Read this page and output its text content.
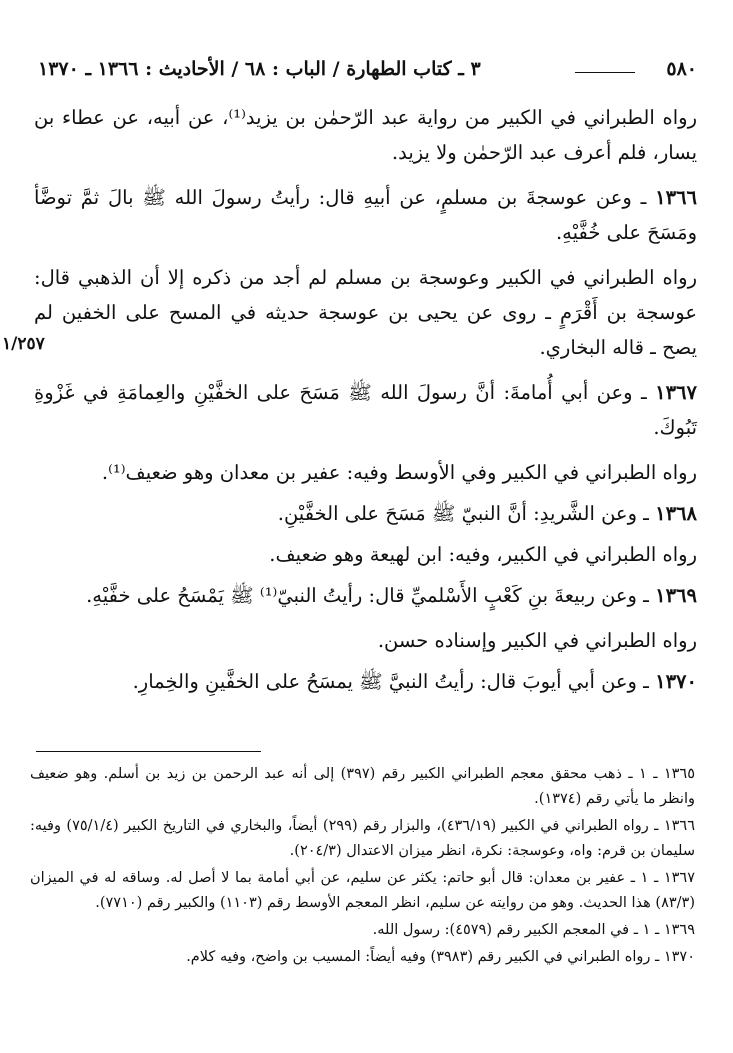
٥٨٠
٣ ـ كتاب الطهارة / الباب : ٦٨ / الأحاديث : ١٣٦٦ ـ ١٣٧٠

رواه الطبراني في الكبير من رواية عبد الرّحمٰن بن يزيد⁽¹⁾، عن أبيه، عن عطاء بن يسار، فلم أعرف عبد الرّحمٰن ولا يزيد.

١٣٦٦ ـ وعن عوسجةَ بن مسلمٍ، عن أبيهِ قال: رأيتُ رسولَ الله ﷺ بالَ ثمَّ توضَّأ ومَسَحَ على خُفَّيْهِ.

رواه الطبراني في الكبير وعوسجة بن مسلم لم أجد من ذكره إلا أن الذهبي قال: عوسجة بن أَقْرَمٍ ـ روى عن يحيى بن عوسجة حديثه في المسح على الخفين لم يصح ـ قاله البخاري.

١٣٦٧ ـ وعن أبي أُمامةَ: أنَّ رسولَ الله ﷺ مَسَحَ على الخفَّيْنِ والعِمامَةِ في غَزْوةِ تَبُوكَ.

رواه الطبراني في الكبير وفي الأوسط وفيه: عفير بن معدان وهو ضعيف⁽¹⁾.

١٣٦٨ ـ وعن الشَّريدِ: أنَّ النبيّ ﷺ مَسَحَ على الخفَّيْنِ.

رواه الطبراني في الكبير، وفيه: ابن لهيعة وهو ضعيف.

١٣٦٩ ـ وعن ربيعةَ بنِ كَعْبٍ الأَسْلميِّ قال: رأيتُ النبيّ⁽¹⁾ ﷺ يَمْسَحُ على خفَّيْهِ.

رواه الطبراني في الكبير وإسناده حسن.

١٣٧٠ ـ وعن أبي أيوبَ قال: رأيتُ النبيَّ ﷺ يمسَحُ على الخفَّينِ والخِمارِ.

١/٢٥٧

١٣٦٥ ـ ١ ـ ذهب محقق معجم الطبراني الكبير رقم (٣٩٧) إلى أنه عبد الرحمن بن زيد بن أسلم. وهو ضعيف وانظر ما يأتي رقم (١٣٧٤).

١٣٦٦ ـ رواه الطبراني في الكبير (٤٣٦/١٩)، والبزار رقم (٢٩٩) أيضاً، والبخاري في التاريخ الكبير (٧٥/١/٤) وفيه: سليمان بن قرم: واه، وعوسجة: نكرة، انظر ميزان الاعتدال (٢٠٤/٣).

١٣٦٧ ـ ١ ـ عفير بن معدان: قال أبو حاتم: يكثر عن سليم، عن أبي أمامة بما لا أصل له. وساقه له في الميزان (٨٣/٣) هذا الحديث. وهو من روايته عن سليم، انظر المعجم الأوسط رقم (١١٠٣) والكبير رقم (٧٧١٠).

١٣٦٩ ـ ١ ـ في المعجم الكبير رقم (٤٥٧٩): رسول الله.

١٣٧٠ ـ رواه الطبراني في الكبير رقم (٣٩٨٣) وفيه أيضاً: المسيب بن واضح، وفيه كلام.
